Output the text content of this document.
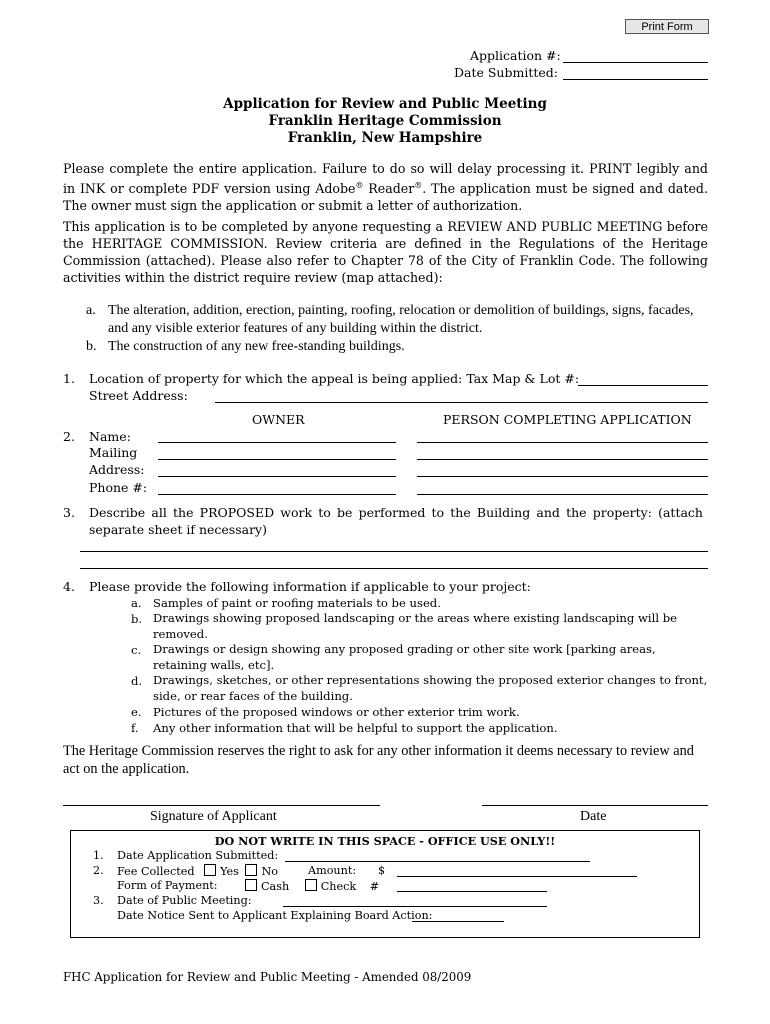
Print Form
Application #:
Date Submitted:
Application for Review and Public Meeting
Franklin Heritage Commission
Franklin, New Hampshire
Please complete the entire application. Failure to do so will delay processing it. PRINT legibly and in INK or complete PDF version using Adobe® Reader®. The application must be signed and dated. The owner must sign the application or submit a letter of authorization.
This application is to be completed by anyone requesting a REVIEW AND PUBLIC MEETING before the HERITAGE COMMISSION. Review criteria are defined in the Regulations of the Heritage Commission (attached). Please also refer to Chapter 78 of the City of Franklin Code. The following activities within the district require review (map attached):
a. The alteration, addition, erection, painting, roofing, relocation or demolition of buildings, signs, facades, and any visible exterior features of any building within the district.
b. The construction of any new free-standing buildings.
1. Location of property for which the appeal is being applied: Tax Map & Lot #:
Street Address:
OWNER	PERSON COMPLETING APPLICATION
2. Name:
Mailing
Address:
Phone #:
3. Describe all the PROPOSED work to be performed to the Building and the property: (attach separate sheet if necessary)
4. Please provide the following information if applicable to your project:
a. Samples of paint or roofing materials to be used.
b. Drawings showing proposed landscaping or the areas where existing landscaping will be removed.
c. Drawings or design showing any proposed grading or other site work [parking areas, retaining walls, etc].
d. Drawings, sketches, or other representations showing the proposed exterior changes to front, side, or rear faces of the building.
e. Pictures of the proposed windows or other exterior trim work.
f. Any other information that will be helpful to support the application.
The Heritage Commission reserves the right to ask for any other information it deems necessary to review and act on the application.
Signature of Applicant	Date
DO NOT WRITE IN THIS SPACE - OFFICE USE ONLY!!
1. Date Application Submitted:
2. Fee Collected Yes No	Amount: $
Form of Payment:	Cash	Check #
3. Date of Public Meeting:
Date Notice Sent to Applicant Explaining Board Action:
FHC Application for Review and Public Meeting - Amended 08/2009
